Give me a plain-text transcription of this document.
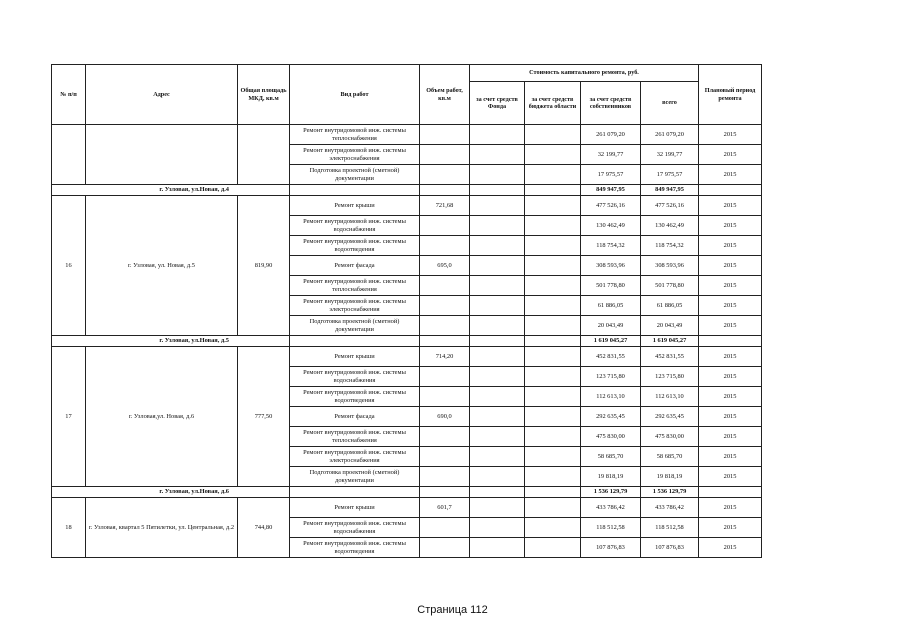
№ п/п	Адрес	Общая площадь МКД, кв.м	Вид работ	Объем работ, кв.м	Стоимость капитального ремонта, руб.				Плановый период ремонта
					за счет средств Фонда	за счет средств бюджета области	за счет средств собственников	всего	
			Ремонт внутридомовой инж. системы теплоснабжения				261 079,20	261 079,20	2015
			Ремонт внутридомовой инж. системы электроснабжения				32 199,77	32 199,77	2015
			Подготовка проектной (сметной) документации				17 975,57	17 975,57	2015
г. Узловая, ул.Новая, д.4							849 947,95	849 947,95	
16	г. Узловая, ул. Новая, д.5	819,90	Ремонт крыши	721,68			477 526,16	477 526,16	2015
			Ремонт внутридомовой инж. системы водоснабжения				130 462,49	130 462,49	2015
			Ремонт внутридомовой инж. системы водоотведения				118 754,32	118 754,32	2015
			Ремонт фасада	695,0			308 593,96	308 593,96	2015
			Ремонт внутридомовой инж. системы теплоснабжения				501 778,80	501 778,80	2015
			Ремонт внутридомовой инж. системы электроснабжения				61 886,05	61 886,05	2015
			Подготовка проектной (сметной) документации				20 043,49	20 043,49	2015
г. Узловая, ул.Новая, д.5							1 619 045,27	1 619 045,27	
17	г. Узловая,ул. Новая, д.6	777,50	Ремонт крыши	714,20			452 831,55	452 831,55	2015
			Ремонт внутридомовой инж. системы водоснабжения				123 715,80	123 715,80	2015
			Ремонт внутридомовой инж. системы водоотведения				112 613,10	112 613,10	2015
			Ремонт фасада	690,0			292 635,45	292 635,45	2015
			Ремонт внутридомовой инж. системы теплоснабжения				475 830,00	475 830,00	2015
			Ремонт внутридомовой инж. системы электроснабжения				58 685,70	58 685,70	2015
			Подготовка проектной (сметной) документации				19 818,19	19 818,19	2015
г. Узловая, ул.Новая, д.6							1 536 129,79	1 536 129,79	
18	г. Узловая, квартал 5 Пятилетки, ул. Центральная, д.2	744,80	Ремонт крыши	601,7			433 786,42	433 786,42	2015
			Ремонт внутридомовой инж. системы водоснабжения				118 512,58	118 512,58	2015
			Ремонт внутридомовой инж. системы водоотведения				107 876,83	107 876,83	2015
Страница 112
